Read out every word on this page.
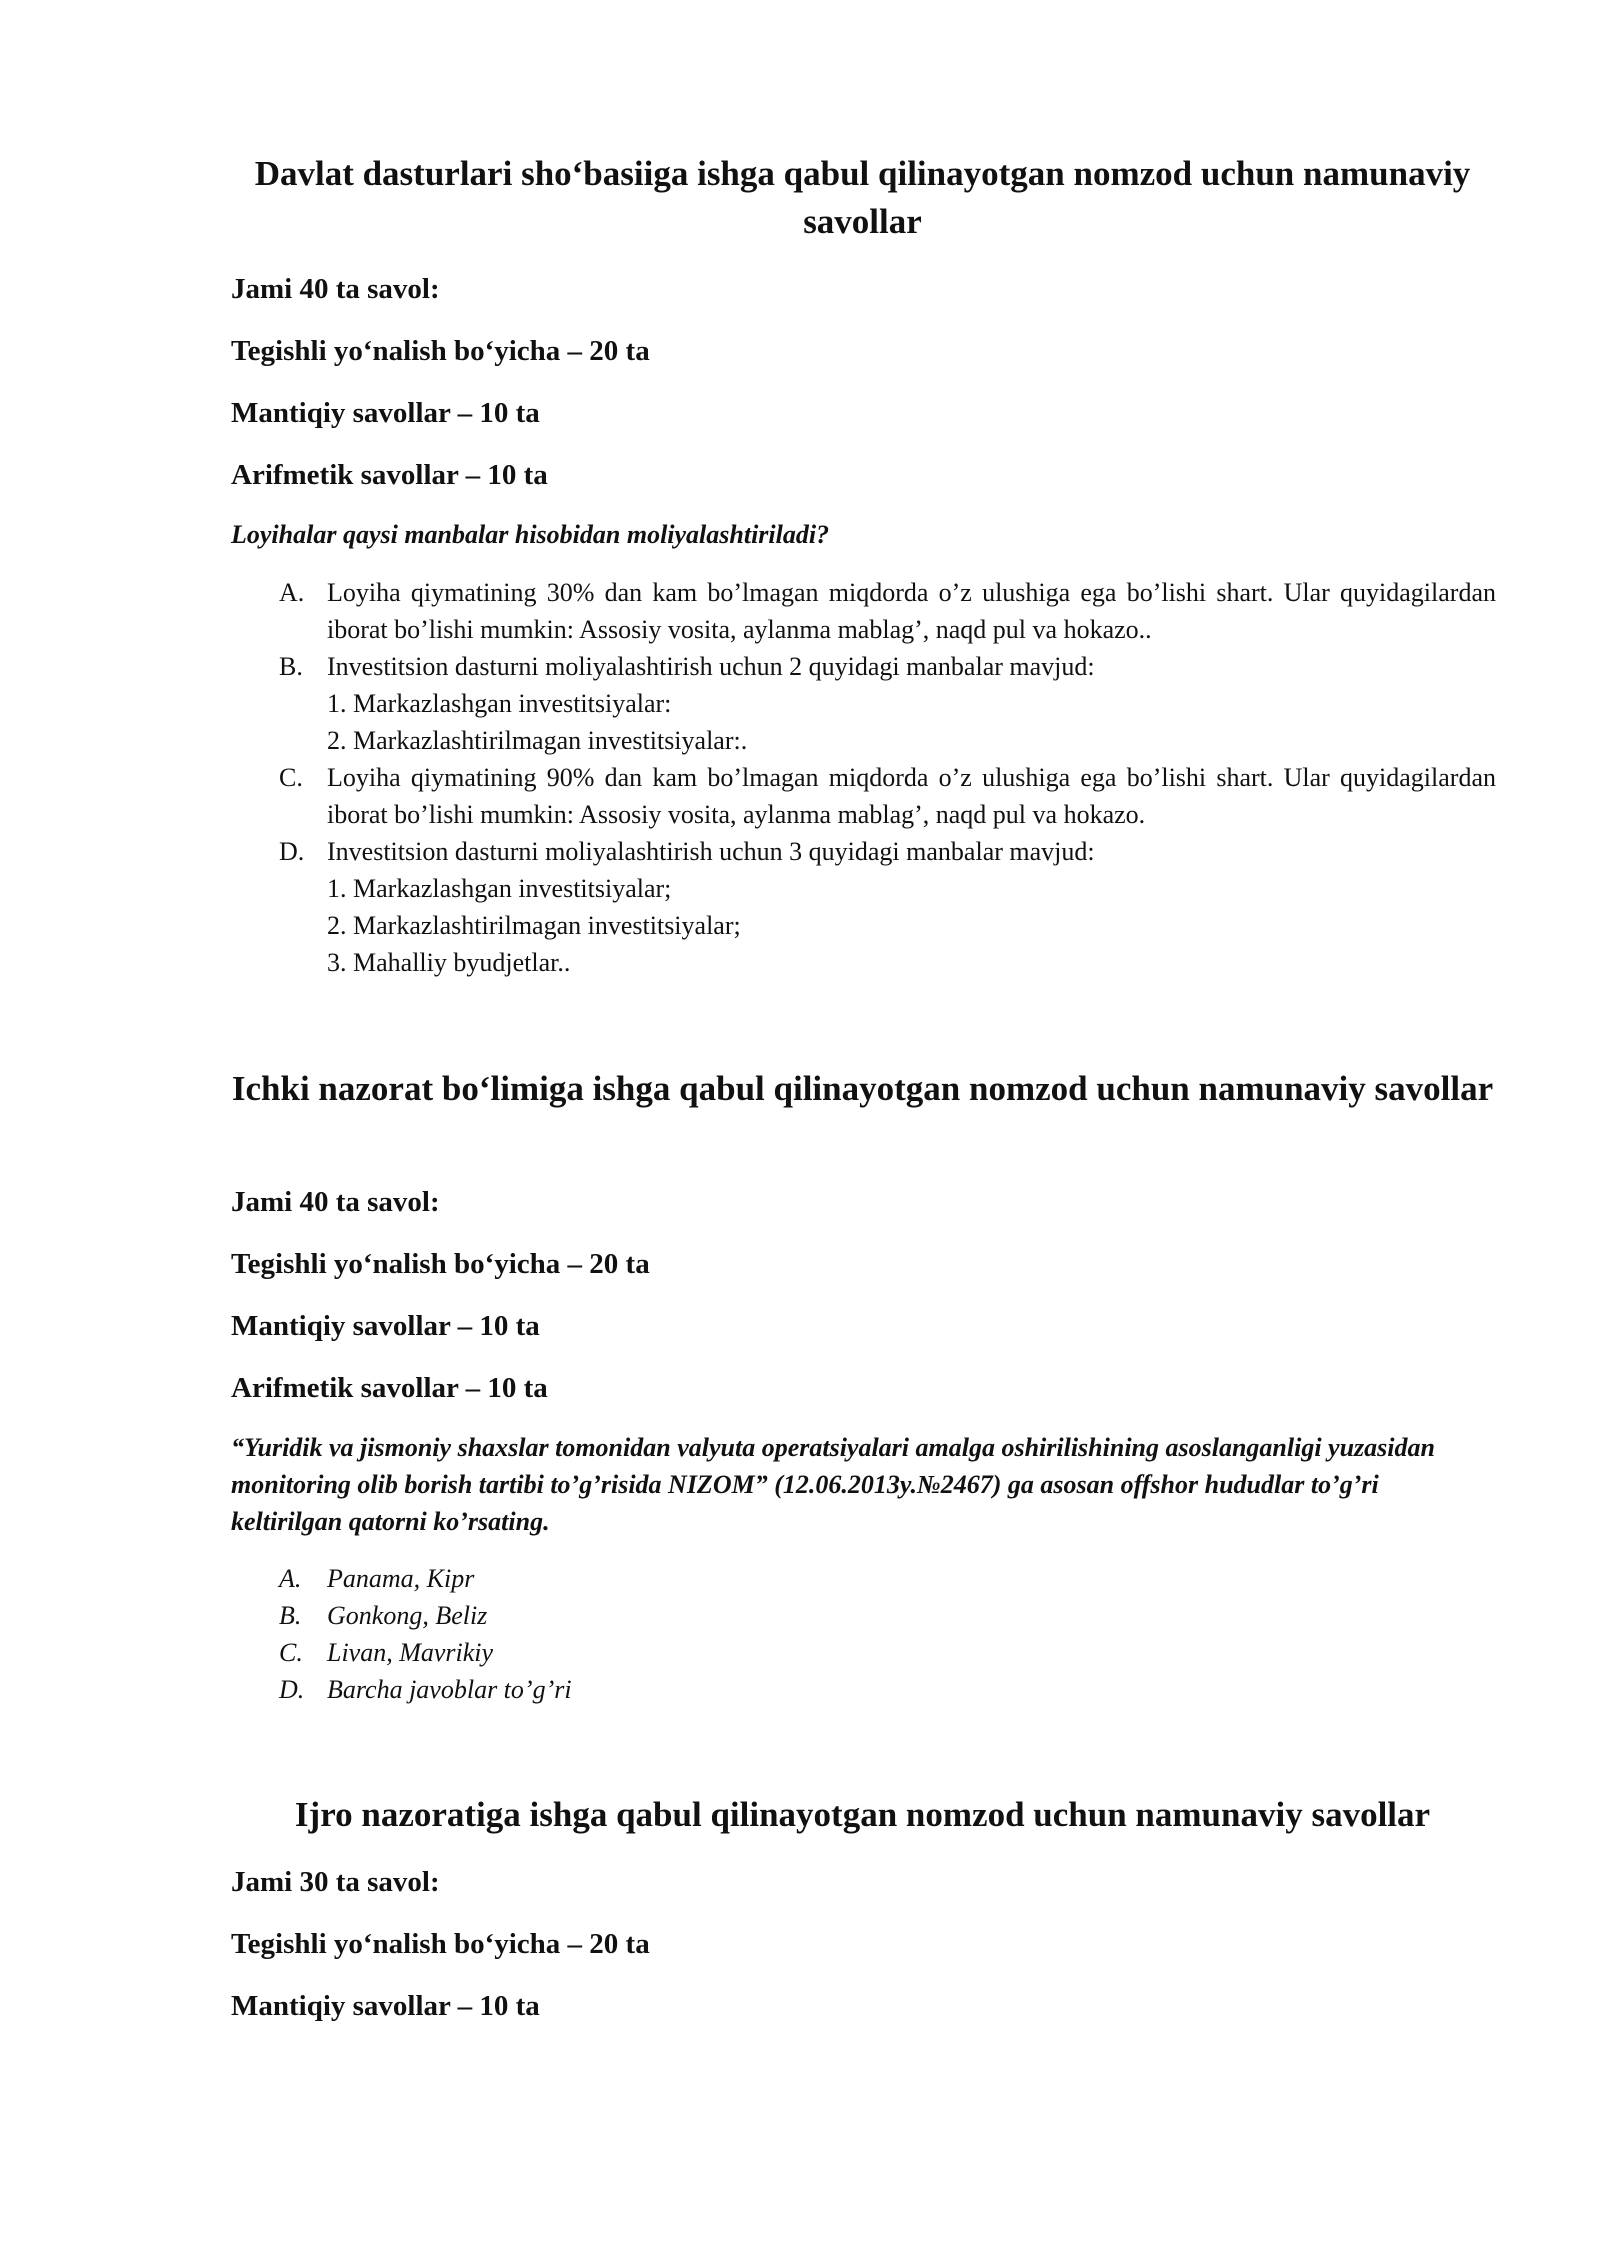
Davlat dasturlari sho‘basiiga ishga qabul qilinayotgan nomzod uchun namunaviy savollar
Jami 40 ta savol:
Tegishli yo‘nalish bo‘yicha – 20 ta
Mantiqiy savollar – 10 ta
Arifmetik savollar – 10 ta
Loyihalar qaysi manbalar hisobidan moliyalashtiriladi?
A. Loyiha qiymatining 30% dan kam bo’lmagan miqdorda o’z ulushiga ega bo’lishi shart. Ular quyidagilardan iborat bo’lishi mumkin: Assosiy vosita, aylanma mablag’, naqd pul va hokazo..
B. Investitsion dasturni moliyalashtirish uchun 2 quyidagi manbalar mavjud:
1. Markazlashgan investitsiyalar:
2. Markazlashtirilmagan investitsiyalar:.
C. Loyiha qiymatining 90% dan kam bo’lmagan miqdorda o’z ulushiga ega bo’lishi shart. Ular quyidagilardan iborat bo’lishi mumkin: Assosiy vosita, aylanma mablag’, naqd pul va hokazo.
D. Investitsion dasturni moliyalashtirish uchun 3 quyidagi manbalar mavjud:
1. Markazlashgan investitsiyalar;
2. Markazlashtirilmagan investitsiyalar;
3. Mahalliy byudjetlar..
Ichki nazorat bo‘limiga ishga qabul qilinayotgan nomzod uchun namunaviy savollar
Jami 40 ta savol:
Tegishli yo‘nalish bo‘yicha – 20 ta
Mantiqiy savollar – 10 ta
Arifmetik savollar – 10 ta
“Yuridik va jismoniy shaxslar tomonidan valyuta operatsiyalari amalga oshirilishining asoslanganligi yuzasidan monitoring olib borish tartibi to’g’risida NIZOM” (12.06.2013y.№2467) ga asosan offshor hududlar to’g’ri keltirilgan qatorni ko’rsating.
A. Panama, Kipr
B. Gonkong, Beliz
C. Livan, Mavrikiy
D. Barcha javoblar to’g’ri
Ijro nazoratiga ishga qabul qilinayotgan nomzod uchun namunaviy savollar
Jami 30 ta savol:
Tegishli yo‘nalish bo‘yicha – 20 ta
Mantiqiy savollar – 10 ta
